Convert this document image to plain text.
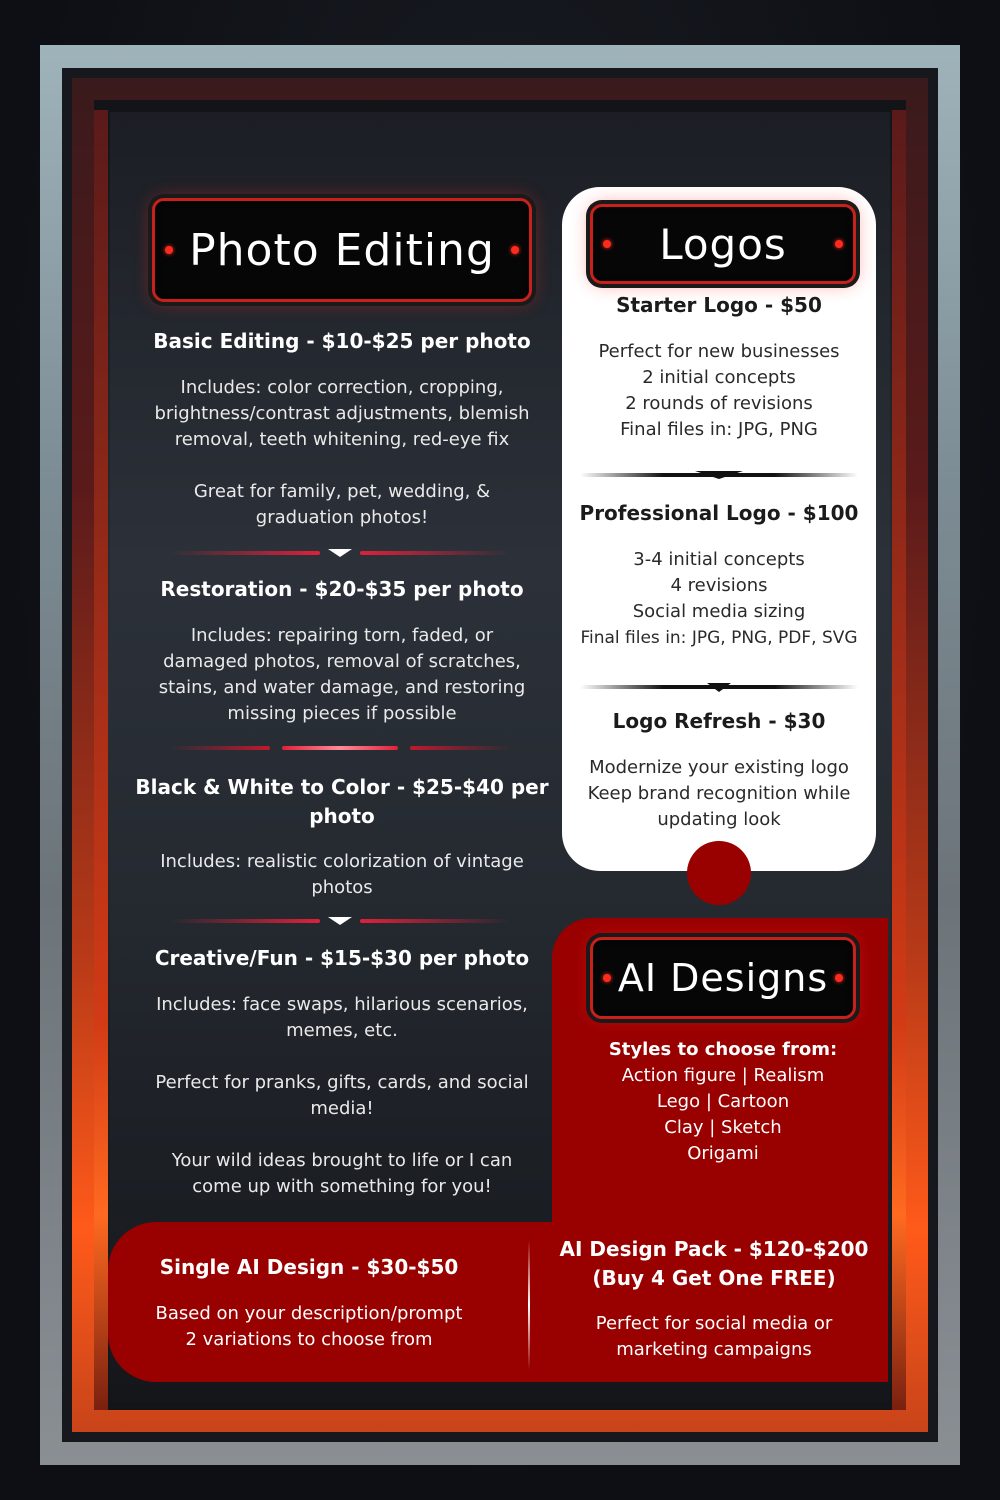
Photo Editing

Basic Editing - $10-$25 per photo

Includes: color correction, cropping,

brightness/contrast adjustments, blemish

removal, teeth whitening, red-eye fix

Great for family, pet, wedding, &

graduation photos!

Restoration - $20-$35 per photo

Includes: repairing torn, faded, or

damaged photos, removal of scratches,

stains, and water damage, and restoring

missing pieces if possible

Black & White to Color - $25-$40 per

photo

Includes: realistic colorization of vintage

photos

Creative/Fun - $15-$30 per photo

Includes: face swaps, hilarious scenarios,

memes, etc.

Perfect for pranks, gifts, cards, and social

media!

Your wild ideas brought to life or I can

come up with something for you!

Logos

Starter Logo - $50

Perfect for new businesses

2 initial concepts

2 rounds of revisions

Final files in: JPG, PNG

Professional Logo - $100

3-4 initial concepts

4 revisions

Social media sizing

Final files in: JPG, PNG, PDF, SVG

Logo Refresh - $30

Modernize your existing logo

Keep brand recognition while

updating look

AI Designs

Styles to choose from:

Action figure | Realism

Lego | Cartoon

Clay | Sketch

Origami

Single AI Design - $30-$50

Based on your description/prompt

2 variations to choose from

AI Design Pack - $120-$200

(Buy 4 Get One FREE)

Perfect for social media or

marketing campaigns
